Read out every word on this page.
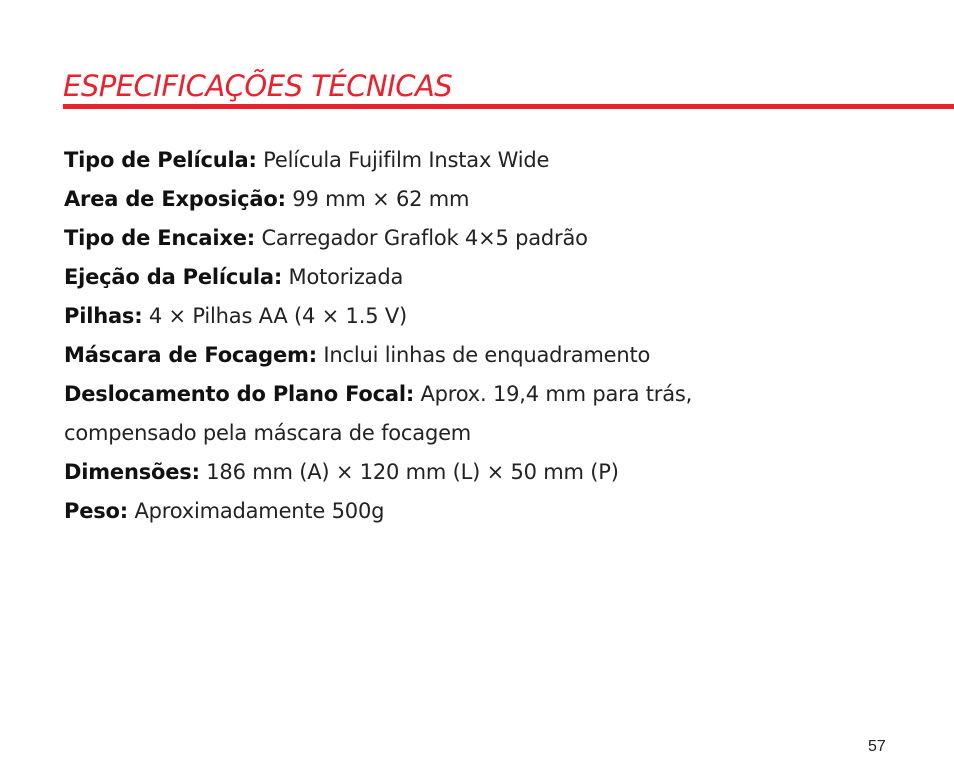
ESPECIFICAÇÕES TÉCNICAS
Tipo de Película: Película Fujifilm Instax Wide
Area de Exposição: 99 mm × 62 mm
Tipo de Encaixe: Carregador Graflok 4×5 padrão
Ejeção da Película: Motorizada
Pilhas: 4 × Pilhas AA (4 × 1.5 V)
Máscara de Focagem: Inclui linhas de enquadramento
Deslocamento do Plano Focal: Aprox. 19,4 mm para trás, compensado pela máscara de focagem
Dimensões: 186 mm (A) × 120 mm (L) × 50 mm (P)
Peso: Aproximadamente 500g
57
